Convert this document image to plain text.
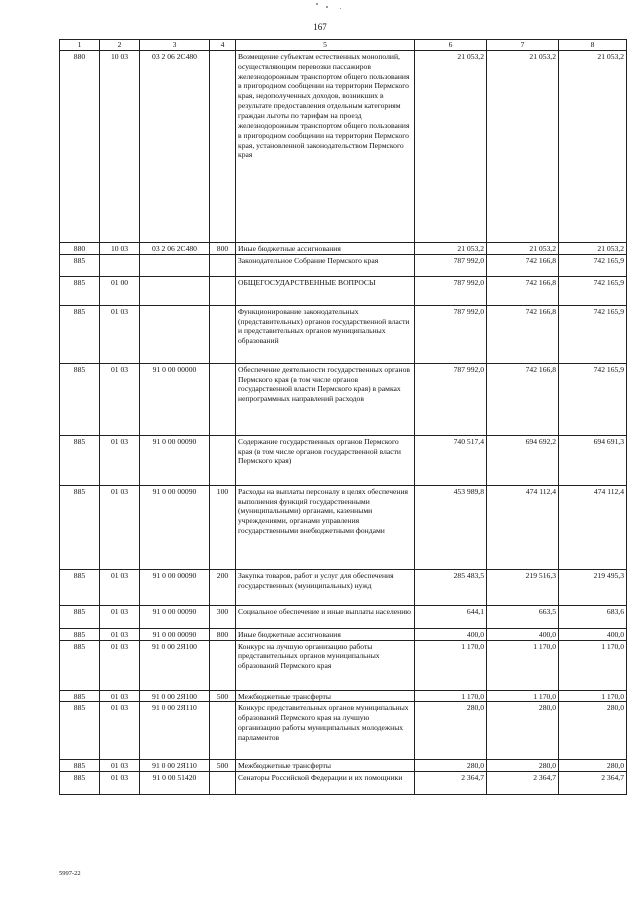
167
1	2	3	4	5	6	7	8
880	10 03	03 2 06 2С480		Возмещение субъектам естественных монополий, осуществляющим перевозки пассажиров железнодорожным транспортом общего пользования в пригородном сообщении на территории Пермского края, недополученных доходов, возникших в результате предоставления отдельным категориям граждан льготы по тарифам на проезд железнодорожным транспортом общего пользования в пригородном сообщении на территории Пермского края, установленной законодательством Пермского края	21 053,2	21 053,2	21 053,2
880	10 03	03 2 06 2С480	800	Иные бюджетные ассигнования	21 053,2	21 053,2	21 053,2
885				Законодательное Собрание Пермского края	787 992,0	742 166,8	742 165,9
885	01 00			ОБЩЕГОСУДАРСТВЕННЫЕ ВОПРОСЫ	787 992,0	742 166,8	742 165,9
885	01 03			Функционирование законодательных (представительных) органов государственной власти и представительных органов муниципальных образований	787 992,0	742 166,8	742 165,9
885	01 03	91 0 00 00000		Обеспечение деятельности государственных органов Пермского края (в том числе органов государственной власти Пермского края) в рамках непрограммных направлений расходов	787 992,0	742 166,8	742 165,9
885	01 03	91 0 00 00090		Содержание государственных органов Пермского края (в том числе органов государственной власти Пермского края)	740 517,4	694 692,2	694 691,3
885	01 03	91 0 00 00090	100	Расходы на выплаты персоналу в целях обеспечения выполнения функций государственными (муниципальными) органами, казенными учреждениями, органами управления государственными внебюджетными фондами	453 989,8	474 112,4	474 112,4
885	01 03	91 0 00 00090	200	Закупка товаров, работ и услуг для обеспечения государственных (муниципальных) нужд	285 483,5	219 516,3	219 495,3
885	01 03	91 0 00 00090	300	Социальное обеспечение и иные выплаты населению	644,1	663,5	683,6
885	01 03	91 0 00 00090	800	Иные бюджетные ассигнования	400,0	400,0	400,0
885	01 03	91 0 00 2Я100		Конкурс на лучшую организацию работы представительных органов муниципальных образований Пермского края	1 170,0	1 170,0	1 170,0
885	01 03	91 0 00 2Я100	500	Межбюджетные трансферты	1 170,0	1 170,0	1 170,0
885	01 03	91 0 00 2Я110		Конкурс представительных органов муниципальных образований Пермского края на лучшую организацию работы муниципальных молодежных парламентов	280,0	280,0	280,0
885	01 03	91 0 00 2Я110	500	Межбюджетные трансферты	280,0	280,0	280,0
885	01 03	91 0 00 51420		Сенаторы Российской Федерации и их помощники	2 364,7	2 364,7	2 364,7
5997-22
